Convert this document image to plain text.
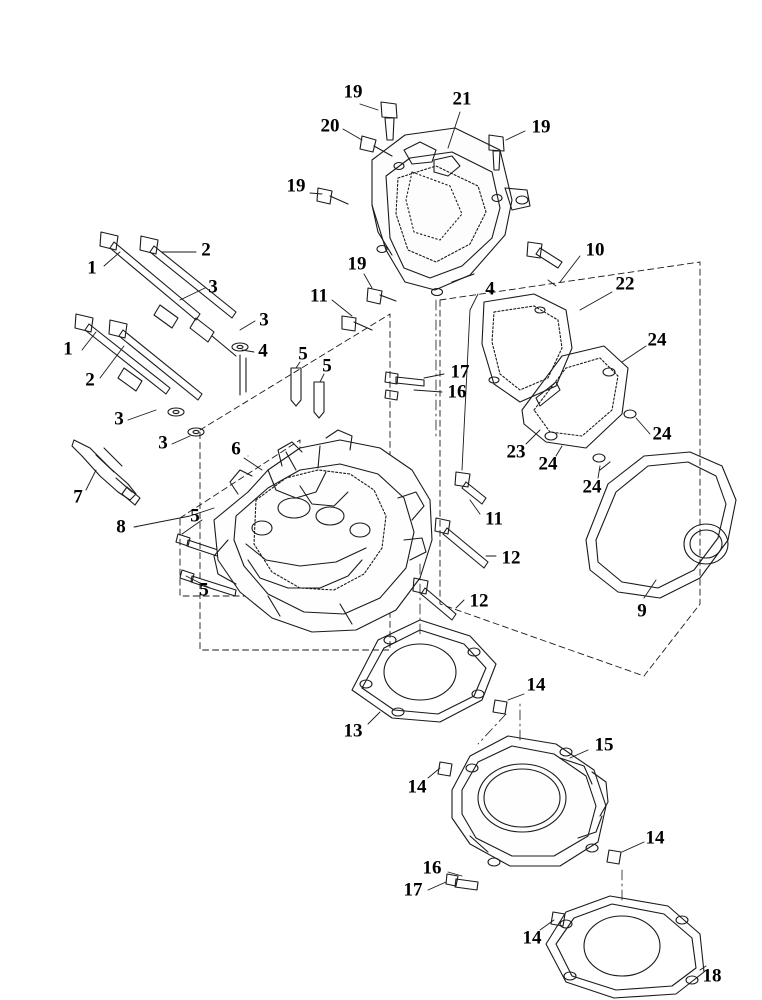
1
2
3
1
2
3
4
3
3
5
5
11
19
20
21
19
19
19
10
22
4
24
17
16
24
23
24
24
6
7
8
5
5
11
12
12	9
13
14
14
15
14
16
17
14
18
